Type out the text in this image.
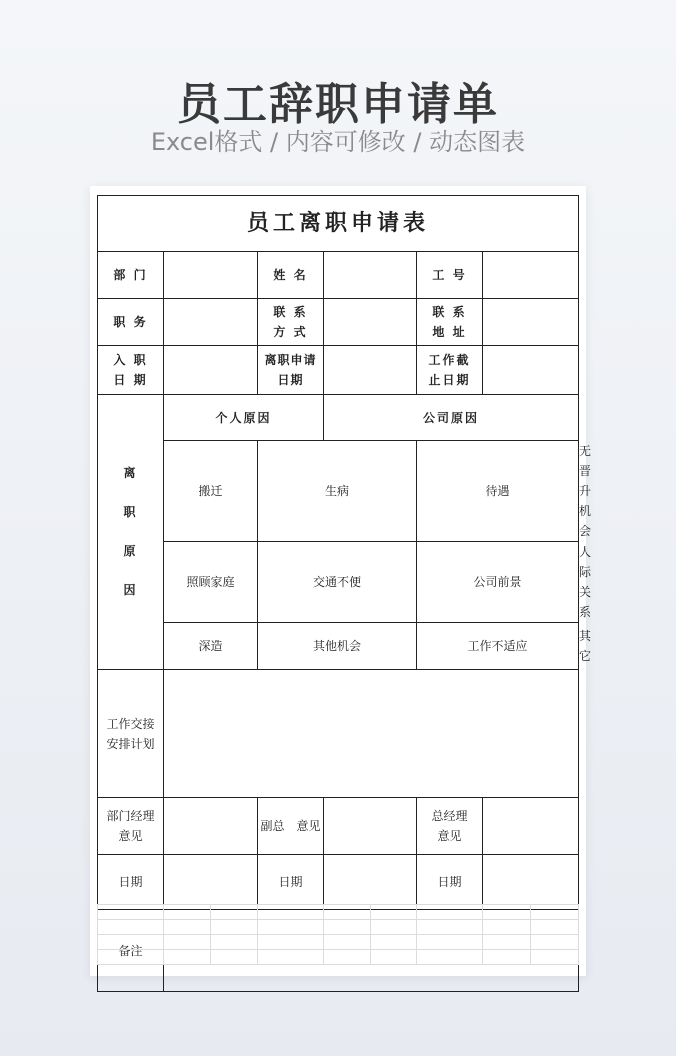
员工辞职申请单
Excel格式 / 内容可修改 / 动态图表
员工离职申请表						
部 门		姓 名		工 号		
职 务		联 系 方 式		联 系 地 址		
入 职 日 期		离职申请 日期		工作截 止日期		
离 职 原 因	个人原因		公司原因			
	搬迁	生病		待遇		无晋升机会
	照顾家庭	交通不便		公司前景		人际关系
	深造	其他机会		工作不适应		其它
工作交接 安排计划						
部门经理 意见		副总　意见		总经理 意见		
日期		日期		日期		
备注						
